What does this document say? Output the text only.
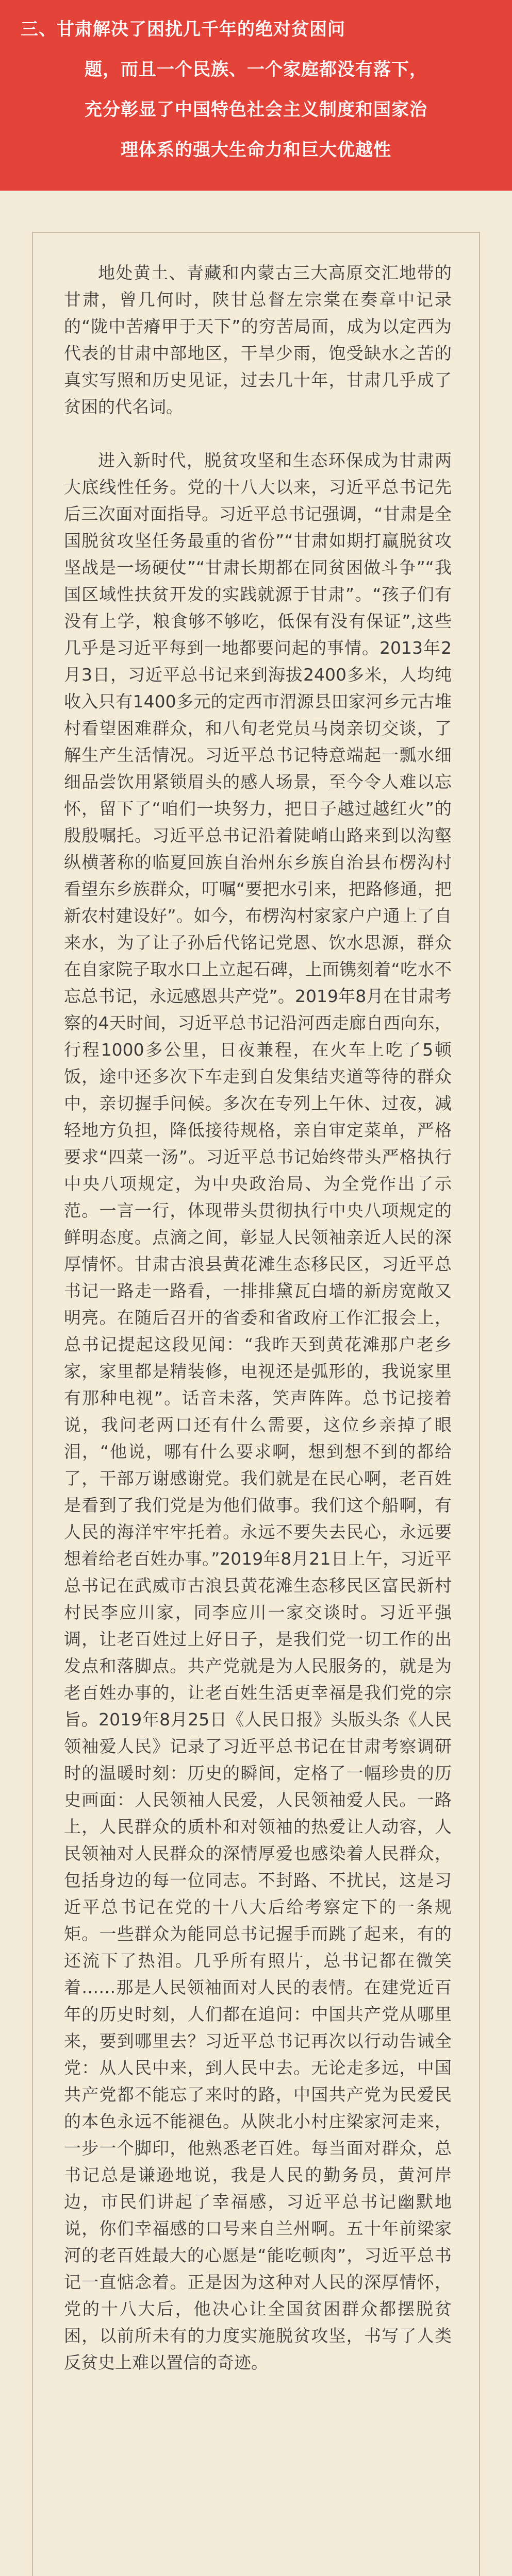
三、甘肃解决了困扰几千年的绝对贫困问
题，而且一个民族、一个家庭都没有落下，
充分彰显了中国特色社会主义制度和国家治
理体系的强大生命力和巨大优越性

地处黄土、青藏和内蒙古三大高原交汇地带的甘肃，曾几何时，陕甘总督左宗棠在奏章中记录的“陇中苦瘠甲于天下”的穷苦局面，成为以定西为代表的甘肃中部地区，干旱少雨，饱受缺水之苦的真实写照和历史见证，过去几十年，甘肃几乎成了贫困的代名词。

进入新时代，脱贫攻坚和生态环保成为甘肃两大底线性任务。党的十八大以来，习近平总书记先后三次面对面指导。习近平总书记强调，“甘肃是全国脱贫攻坚任务最重的省份”“甘肃如期打赢脱贫攻坚战是一场硬仗”“甘肃长期都在同贫困做斗争”“我国区域性扶贫开发的实践就源于甘肃”。“孩子们有没有上学，粮食够不够吃，低保有没有保证”,这些几乎是习近平每到一地都要问起的事情。2013年2月3日，习近平总书记来到海拔2400多米，人均纯收入只有1400多元的定西市渭源县田家河乡元古堆村看望困难群众，和八旬老党员马岗亲切交谈，了解生产生活情况。习近平总书记特意端起一瓢水细细品尝饮用紧锁眉头的感人场景，至今令人难以忘怀，留下了“咱们一块努力，把日子越过越红火”的殷殷嘱托。习近平总书记沿着陡峭山路来到以沟壑纵横著称的临夏回族自治州东乡族自治县布楞沟村看望东乡族群众，叮嘱“要把水引来，把路修通，把新农村建设好”。如今，布楞沟村家家户户通上了自来水，为了让子孙后代铭记党恩、饮水思源，群众在自家院子取水口上立起石碑，上面镌刻着“吃水不忘总书记，永远感恩共产党”。2019年8月在甘肃考察的4天时间，习近平总书记沿河西走廊自西向东，行程1000多公里，日夜兼程，在火车上吃了5顿饭，途中还多次下车走到自发集结夹道等待的群众中，亲切握手问候。多次在专列上午休、过夜，减轻地方负担，降低接待规格，亲自审定菜单，严格要求“四菜一汤”。习近平总书记始终带头严格执行中央八项规定，为中央政治局、为全党作出了示范。一言一行，体现带头贯彻执行中央八项规定的鲜明态度。点滴之间，彰显人民领袖亲近人民的深厚情怀。甘肃古浪县黄花滩生态移民区，习近平总书记一路走一路看，一排排黛瓦白墙的新房宽敞又明亮。在随后召开的省委和省政府工作汇报会上，总书记提起这段见闻：“我昨天到黄花滩那户老乡家，家里都是精装修，电视还是弧形的，我说家里有那种电视”。话音未落，笑声阵阵。总书记接着说，我问老两口还有什么需要，这位乡亲掉了眼泪，“他说，哪有什么要求啊，想到想不到的都给了，干部万谢感谢党。我们就是在民心啊，老百姓是看到了我们党是为他们做事。我们这个船啊，有人民的海洋牢牢托着。永远不要失去民心，永远要想着给老百姓办事。”2019年8月21日上午，习近平总书记在武威市古浪县黄花滩生态移民区富民新村村民李应川家，同李应川一家交谈时。习近平强调，让老百姓过上好日子，是我们党一切工作的出发点和落脚点。共产党就是为人民服务的，就是为老百姓办事的，让老百姓生活更幸福是我们党的宗旨。2019年8月25日《人民日报》头版头条《人民领袖爱人民》记录了习近平总书记在甘肃考察调研时的温暖时刻：历史的瞬间，定格了一幅珍贵的历史画面：人民领袖人民爱，人民领袖爱人民。一路上，人民群众的质朴和对领袖的热爱让人动容，人民领袖对人民群众的深情厚爱也感染着人民群众，包括身边的每一位同志。不封路、不扰民，这是习近平总书记在党的十八大后给考察定下的一条规矩。一些群众为能同总书记握手而跳了起来，有的还流下了热泪。几乎所有照片，总书记都在微笑着……那是人民领袖面对人民的表情。在建党近百年的历史时刻，人们都在追问：中国共产党从哪里来，要到哪里去？习近平总书记再次以行动告诫全党：从人民中来，到人民中去。无论走多远，中国共产党都不能忘了来时的路，中国共产党为民爱民的本色永远不能褪色。从陕北小村庄梁家河走来，一步一个脚印，他熟悉老百姓。每当面对群众，总书记总是谦逊地说，我是人民的勤务员，黄河岸边，市民们讲起了幸福感，习近平总书记幽默地说，你们幸福感的口号来自兰州啊。五十年前梁家河的老百姓最大的心愿是“能吃顿肉”，习近平总书记一直惦念着。正是因为这种对人民的深厚情怀，党的十八大后，他决心让全国贫困群众都摆脱贫困，以前所未有的力度实施脱贫攻坚，书写了人类反贫史上难以置信的奇迹。
